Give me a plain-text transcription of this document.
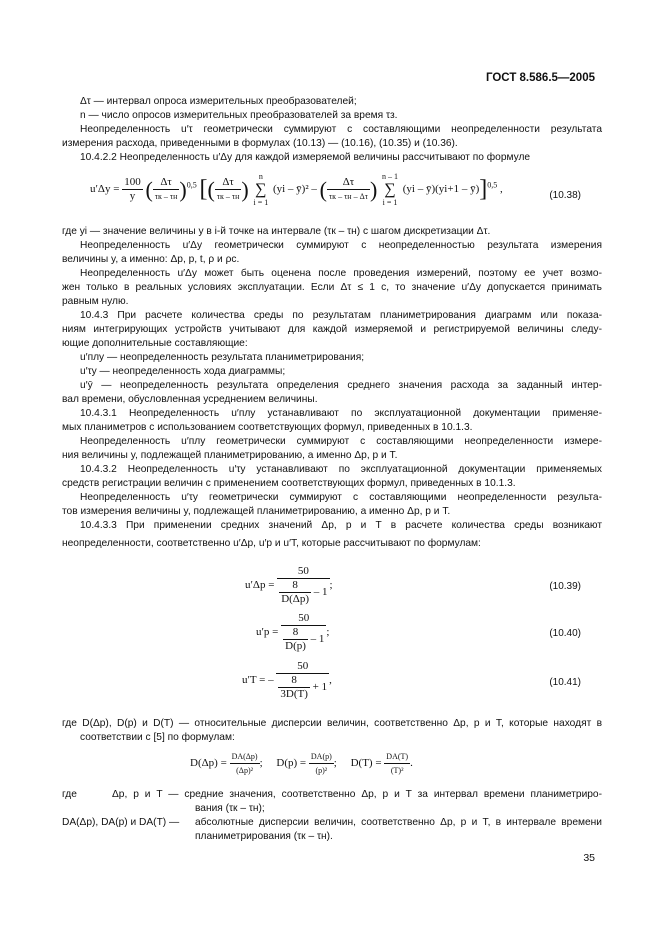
ГОСТ 8.586.5—2005
Δτ — интервал опроса измерительных преобразователей;
n — число опросов измерительных преобразователей за время τз.
Неопределенность u′τ геометрически суммируют с составляющими неопределенности результата
измерения расхода, приведенными в формулах (10.13) — (10.16), (10.35) и (10.36).
10.4.2.2 Неопределенность u′Δy для каждой измеряемой величины рассчитывают по формуле
$u'\Delta y = \frac{100}{y}$ ( $\frac{\Delta\tau}{\tau к - \tau н} )^{0,5}$ [( $\frac{\Delta\tau}{\tau к - \tau н}$ )
n
∑
i = 1
(yi – ȳ)² – ( $\frac{\Delta\tau}{\tau к - \tau н - \Delta\tau}$ )
n – 1
∑
i = 1
(yi – ȳ)(yi+1 – ȳ)]$^{0,5}$ ,
(10.38)
где yi — значение величины y в i-й точке на интервале (τк – τн) с шагом дискретизации Δτ.
Неопределенность u′Δy геометрически суммируют с неопределенностью результата измерения
величины y, а именно: Δp, p, t, ρ и ρс.
Неопределенность u′Δy может быть оценена после проведения измерений, поэтому ее учет возмо-
жен только в реальных условиях эксплуатации. Если Δτ ≤ 1 с, то значение u′Δy допускается принимать
равным нулю.
10.4.3 При расчете количества среды по результатам планиметрирования диаграмм или показа-
ниям интегрирующих устройств учитывают для каждой измеряемой и регистрируемой величины следу-
ющие дополнительные составляющие:
u′плy — неопределенность результата планиметрирования;
u′τy — неопределенность хода диаграммы;
u′ȳ — неопределенность результата определения среднего значения расхода за заданный интер-
вал времени, обусловленная усреднением величины.
10.4.3.1 Неопределенность u′плy устанавливают по эксплуатационной документации применяе-
мых планиметров с использованием соответствующих формул, приведенных в 10.1.3.
Неопределенность u′плy геометрически суммируют с составляющими неопределенности измере-
ния величины y, подлежащей планиметрированию, а именно Δp, p и T.
10.4.3.2 Неопределенность u′τy устанавливают по эксплуатационной документации применяемых
средств регистрации величин с применением соответствующих формул, приведенных в 10.1.3.
Неопределенность u′τy геометрически суммируют с составляющими неопределенности результа-
тов измерения величины y, подлежащей планиметрированию, а именно Δp, p и T.
10.4.3.3 При применении средних значений Δp, p и T в расчете количества среды возникают
неопределенности, соответственно u′Δp, u′p и u′T, которые рассчитывают по формулам:
$u'\Delta p = \frac{50}{\frac{8}{D(\Delta p)} - 1}$ ;	(10.39)
$u'p = \frac{50}{\frac{8}{D(p)} - 1}$ ;	(10.40)
u′T = – $\frac{50}{\frac{8}{3D(T)} + 1}$ ,	(10.41)
где D(Δp), D(p) и D(T) — относительные дисперсии величин, соответственно Δp, p и T, которые находят в
соответствии с [5] по формулам:
$D(\Delta p) = \frac{DA(\Delta p)}{\text{(Δp)²}}$ ; $D(p) = \frac{DA(p)}{\text{(p)²}}$ ; $D(T) = \frac{DA(T)}{\text{(T)²}}$ .
где	Δp, p и T — средние значения, соответственно Δp, p и T за интервал времени планиметриро-
вания (τк – τн);
DA(Δp), DA(p) и DA(T) —	абсолютные дисперсии величин, соответственно Δp, p и T, в интервале времени
планиметрирования (τк – τн).
35
